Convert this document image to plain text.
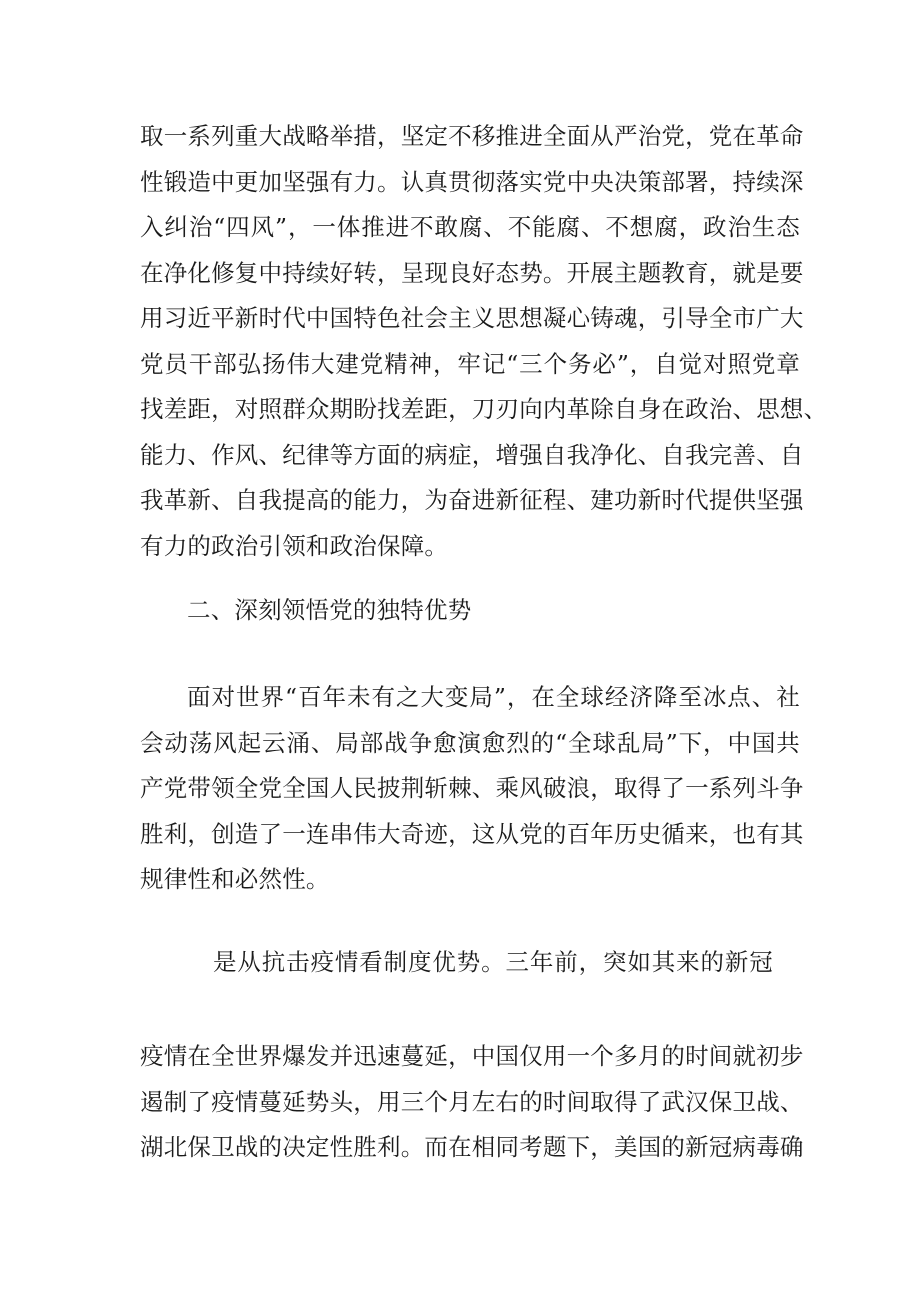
取一系列重大战略举措，坚定不移推进全面从严治党，党在革命
性锻造中更加坚强有力。认真贯彻落实党中央决策部署，持续深
入纠治“四风”，一体推进不敢腐、不能腐、不想腐，政治生态
在净化修复中持续好转，呈现良好态势。开展主题教育，就是要
用习近平新时代中国特色社会主义思想凝心铸魂，引导全市广大
党员干部弘扬伟大建党精神，牢记“三个务必”，自觉对照党章
找差距，对照群众期盼找差距，刀刃向内革除自身在政治、思想、
能力、作风、纪律等方面的病症，增强自我净化、自我完善、自
我革新、自我提高的能力，为奋进新征程、建功新时代提供坚强
有力的政治引领和政治保障。
二、深刻领悟党的独特优势
面对世界“百年未有之大变局”，在全球经济降至冰点、社
会动荡风起云涌、局部战争愈演愈烈的“全球乱局”下，中国共
产党带领全党全国人民披荆斩棘、乘风破浪，取得了一系列斗争
胜利，创造了一连串伟大奇迹，这从党的百年历史循来，也有其
规律性和必然性。
是从抗击疫情看制度优势。三年前，突如其来的新冠
疫情在全世界爆发并迅速蔓延，中国仅用一个多月的时间就初步
遏制了疫情蔓延势头，用三个月左右的时间取得了武汉保卫战、
湖北保卫战的决定性胜利。而在相同考题下，美国的新冠病毒确
